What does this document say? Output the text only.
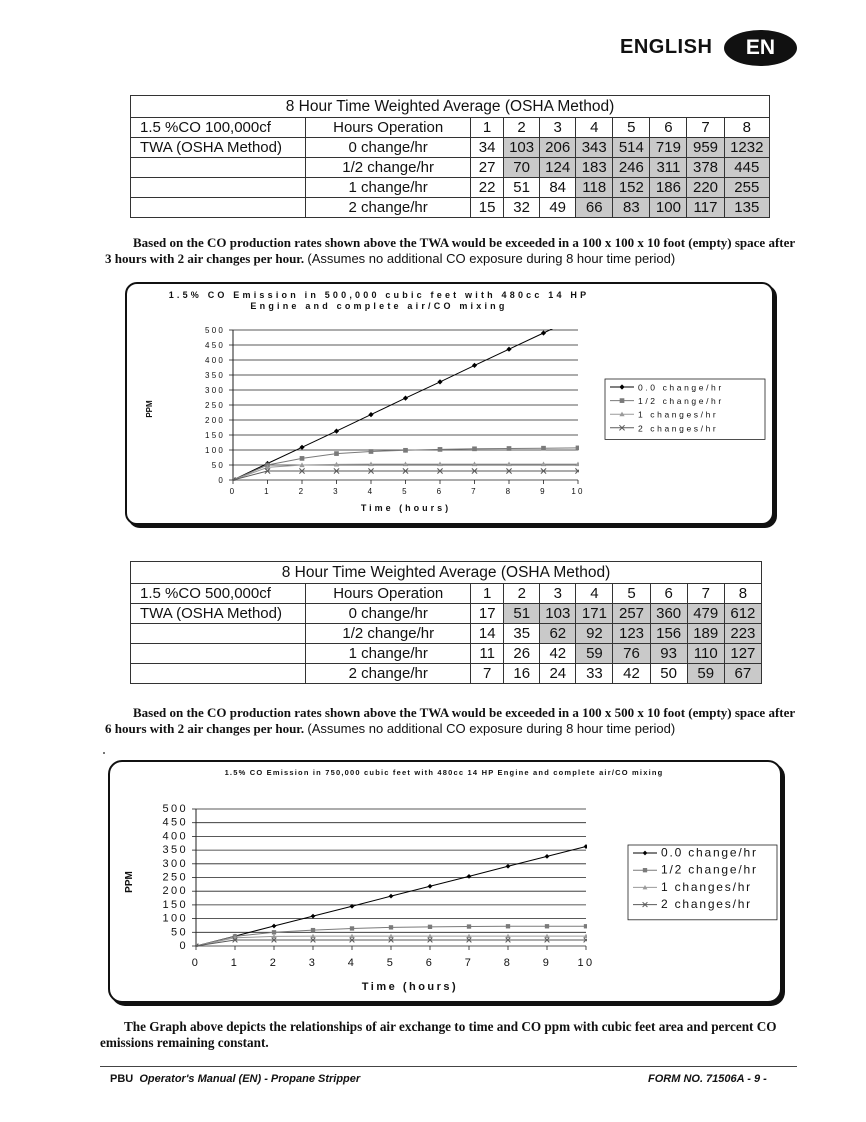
ENGLISH	EN
8 Hour Time Weighted Average (OSHA Method)									
1.5 %CO 100,000cf	Hours Operation	1	2	3	4	5	6	7	8
TWA (OSHA Method)	0 change/hr	34	103	206	343	514	719	959	1232
	1/2 change/hr	27	70	124	183	246	311	378	445
	1 change/hr	22	51	84	118	152	186	220	255
	2 change/hr	15	32	49	66	83	100	117	135
Based on the CO production rates shown above the TWA would be exceeded in a 100 x 100 x 10 foot (empty) space after 3 hours with 2 air changes per hour. (Assumes no additional CO exposure during 8 hour time period)
1.5% CO Emission in 500,000 cubic feet with 480cc 14 HP
Engine and complete air/CO mixing
PPM
Time (hours)
0
50
100
150
200
250
300
350
400
450
500
0	1	2	3	4	5	6	7	8	9	10
0.0 change/hr
1/2 change/hr
1 changes/hr
2 changes/hr
8 Hour Time Weighted Average (OSHA Method)									
1.5 %CO 500,000cf	Hours Operation	1	2	3	4	5	6	7	8
TWA (OSHA Method)	0 change/hr	17	51	103	171	257	360	479	612
	1/2 change/hr	14	35	62	92	123	156	189	223
	1 change/hr	11	26	42	59	76	93	110	127
	2 change/hr	7	16	24	33	42	50	59	67
Based on the CO production rates shown above the TWA would be exceeded in a 100 x 500 x 10 foot (empty) space after 6 hours with 2 air changes per hour. (Assumes no additional CO exposure during 8 hour time period)
1.5% CO Emission in 750,000 cubic feet with 480cc 14 HP Engine and complete air/CO mixing
PPM
Time (hours)
0
50
100
150
200
250
300
350
400
450
500
0	1	2	3	4	5	6	7	8	9 10
0.0 change/hr
1/2 change/hr
1 changes/hr
2 changes/hr
The Graph above depicts the relationships of air exchange to time and CO ppm with cubic feet area and percent CO emissions remaining constant.
PBU Operator's Manual (EN) - Propane Stripper	FORM NO. 71506A - 9 -
